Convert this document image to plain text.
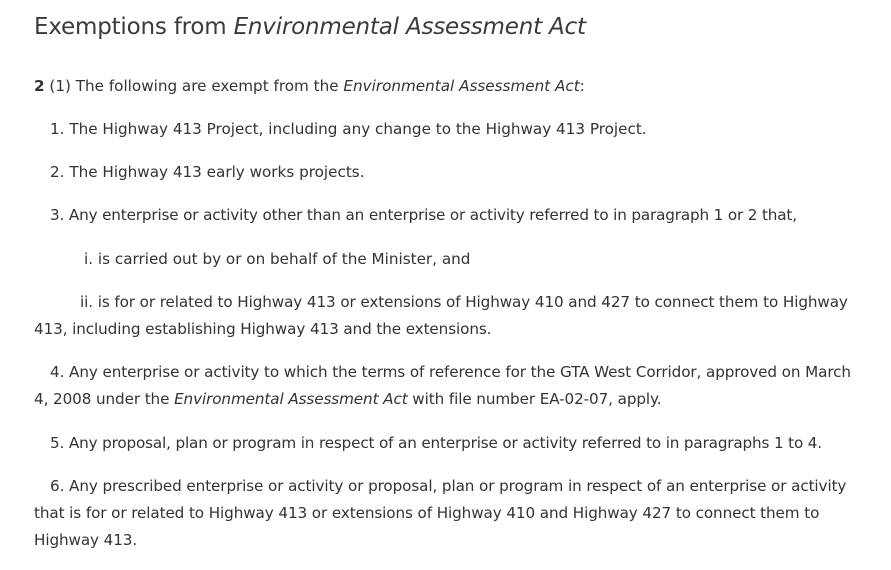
Exemptions from Environmental Assessment Act

2 (1) The following are exempt from the Environmental Assessment Act:

1. The Highway 413 Project, including any change to the Highway 413 Project.

2. The Highway 413 early works projects.

3. Any enterprise or activity other than an enterprise or activity referred to in paragraph 1 or 2 that,

i. is carried out by or on behalf of the Minister, and

ii. is for or related to Highway 413 or extensions of Highway 410 and 427 to connect them to Highway 413, including establishing Highway 413 and the extensions.

4. Any enterprise or activity to which the terms of reference for the GTA West Corridor, approved on March 4, 2008 under the Environmental Assessment Act with file number EA-02-07, apply.

5. Any proposal, plan or program in respect of an enterprise or activity referred to in paragraphs 1 to 4.

6. Any prescribed enterprise or activity or proposal, plan or program in respect of an enterprise or activity that is for or related to Highway 413 or extensions of Highway 410 and Highway 427 to connect them to Highway 413.
